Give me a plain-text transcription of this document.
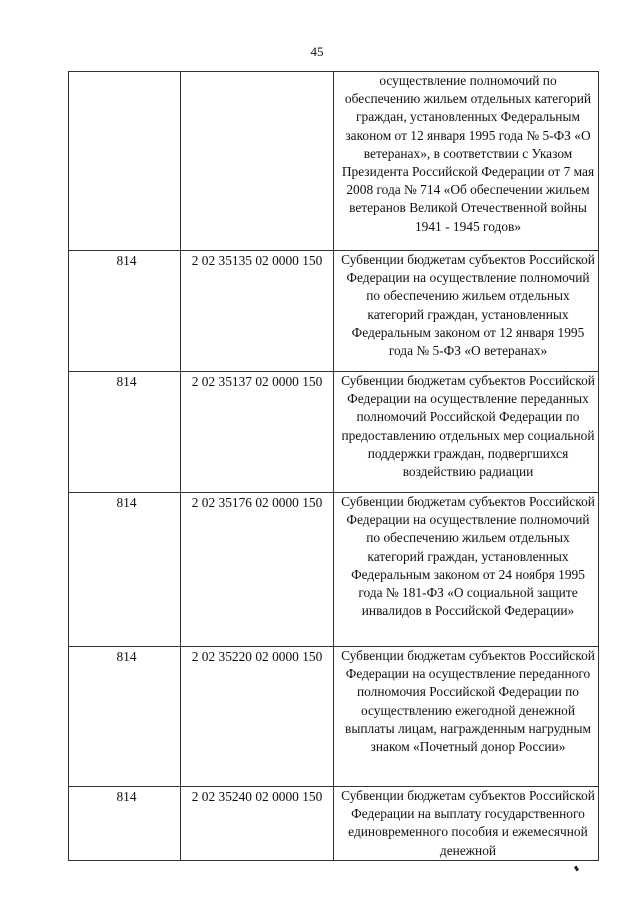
45
		осуществление полномочий по обеспечению жильем отдельных категорий граждан, установленных Федеральным законом от 12 января 1995 года № 5-ФЗ «О ветеранах», в соответствии с Указом Президента Российской Федерации от 7 мая 2008 года № 714 «Об обеспечении жильем ветеранов Великой Отечественной войны 1941 - 1945 годов»
814	2 02 35135 02 0000 150	Субвенции бюджетам субъектов Российской Федерации на осуществление полномочий по обеспечению жильем отдельных категорий граждан, установленных Федеральным законом от 12 января 1995 года № 5-ФЗ «О ветеранах»
814	2 02 35137 02 0000 150	Субвенции бюджетам субъектов Российской Федерации на осуществление переданных полномочий Российской Федерации по предоставлению отдельных мер социальной поддержки граждан, подвергшихся воздействию радиации
814	2 02 35176 02 0000 150	Субвенции бюджетам субъектов Российской Федерации на осуществление полномочий по обеспечению жильем отдельных категорий граждан, установленных Федеральным законом от 24 ноября 1995 года № 181-ФЗ «О социальной защите инвалидов в Российской Федерации»
814	2 02 35220 02 0000 150	Субвенции бюджетам субъектов Российской Федерации на осуществление переданного полномочия Российской Федерации по осуществлению ежегодной денежной выплаты лицам, награжденным нагрудным знаком «Почетный донор России»
814	2 02 35240 02 0000 150	Субвенции бюджетам субъектов Российской Федерации на выплату государственного единовременного пособия и ежемесячной денежной
